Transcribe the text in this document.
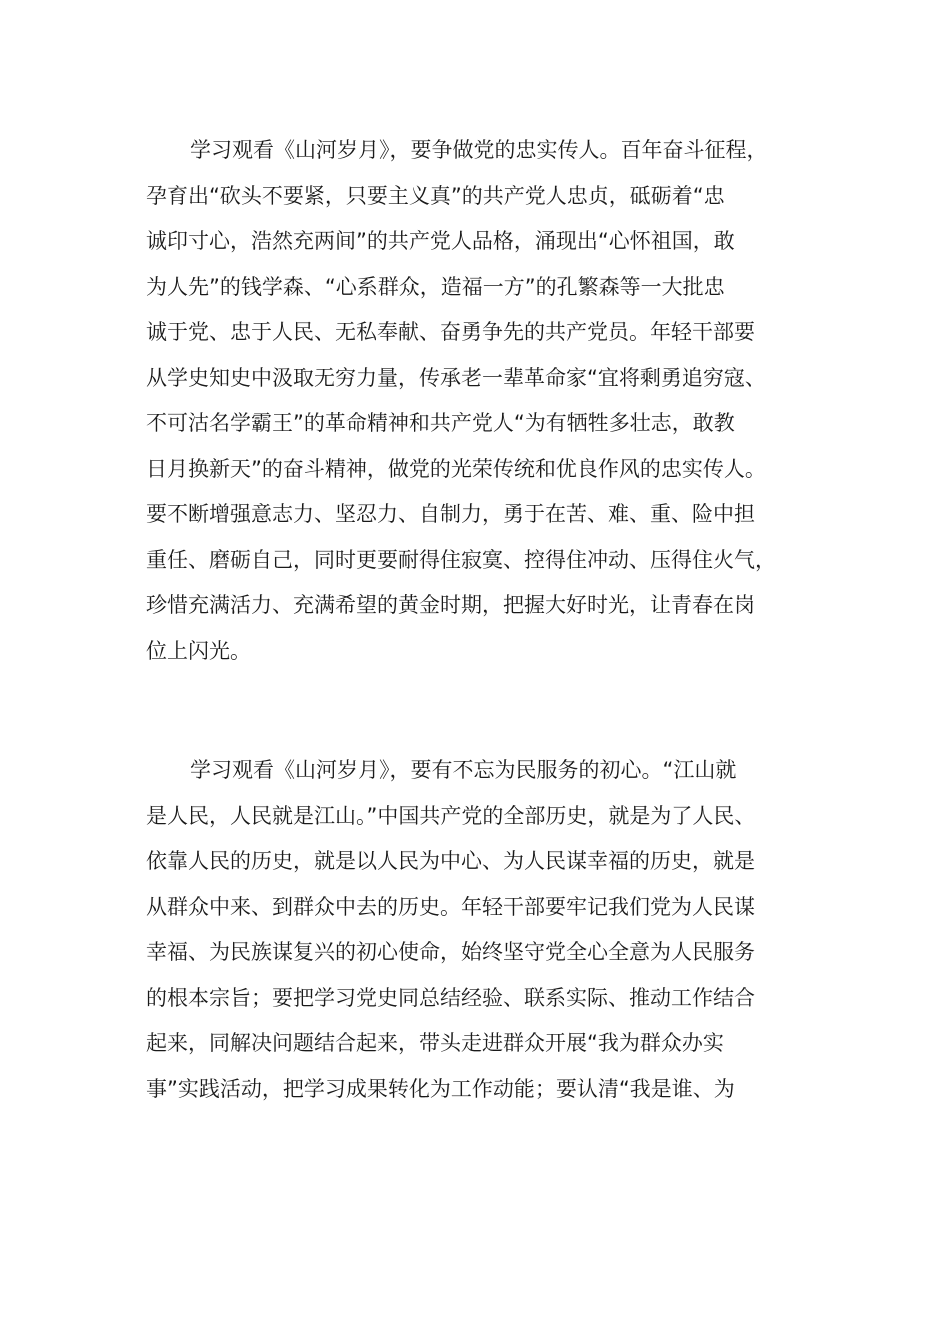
学习观看《山河岁月》，要争做党的忠实传人。百年奋斗征程，
孕育出“砍头不要紧，只要主义真”的共产党人忠贞，砥砺着“忠
诚印寸心，浩然充两间”的共产党人品格，涌现出“心怀祖国，敢
为人先”的钱学森、“心系群众，造福一方”的孔繁森等一大批忠
诚于党、忠于人民、无私奉献、奋勇争先的共产党员。年轻干部要
从学史知史中汲取无穷力量，传承老一辈革命家“宜将剩勇追穷寇、
不可沽名学霸王”的革命精神和共产党人“为有牺牲多壮志，敢教
日月换新天”的奋斗精神，做党的光荣传统和优良作风的忠实传人。
要不断增强意志力、坚忍力、自制力，勇于在苦、难、重、险中担
重任、磨砺自己，同时更要耐得住寂寞、控得住冲动、压得住火气，
珍惜充满活力、充满希望的黄金时期，把握大好时光，让青春在岗
位上闪光。
学习观看《山河岁月》，要有不忘为民服务的初心。“江山就
是人民，人民就是江山。”中国共产党的全部历史，就是为了人民、
依靠人民的历史，就是以人民为中心、为人民谋幸福的历史，就是
从群众中来、到群众中去的历史。年轻干部要牢记我们党为人民谋
幸福、为民族谋复兴的初心使命，始终坚守党全心全意为人民服务
的根本宗旨；要把学习党史同总结经验、联系实际、推动工作结合
起来，同解决问题结合起来，带头走进群众开展“我为群众办实
事”实践活动，把学习成果转化为工作动能；要认清“我是谁、为
